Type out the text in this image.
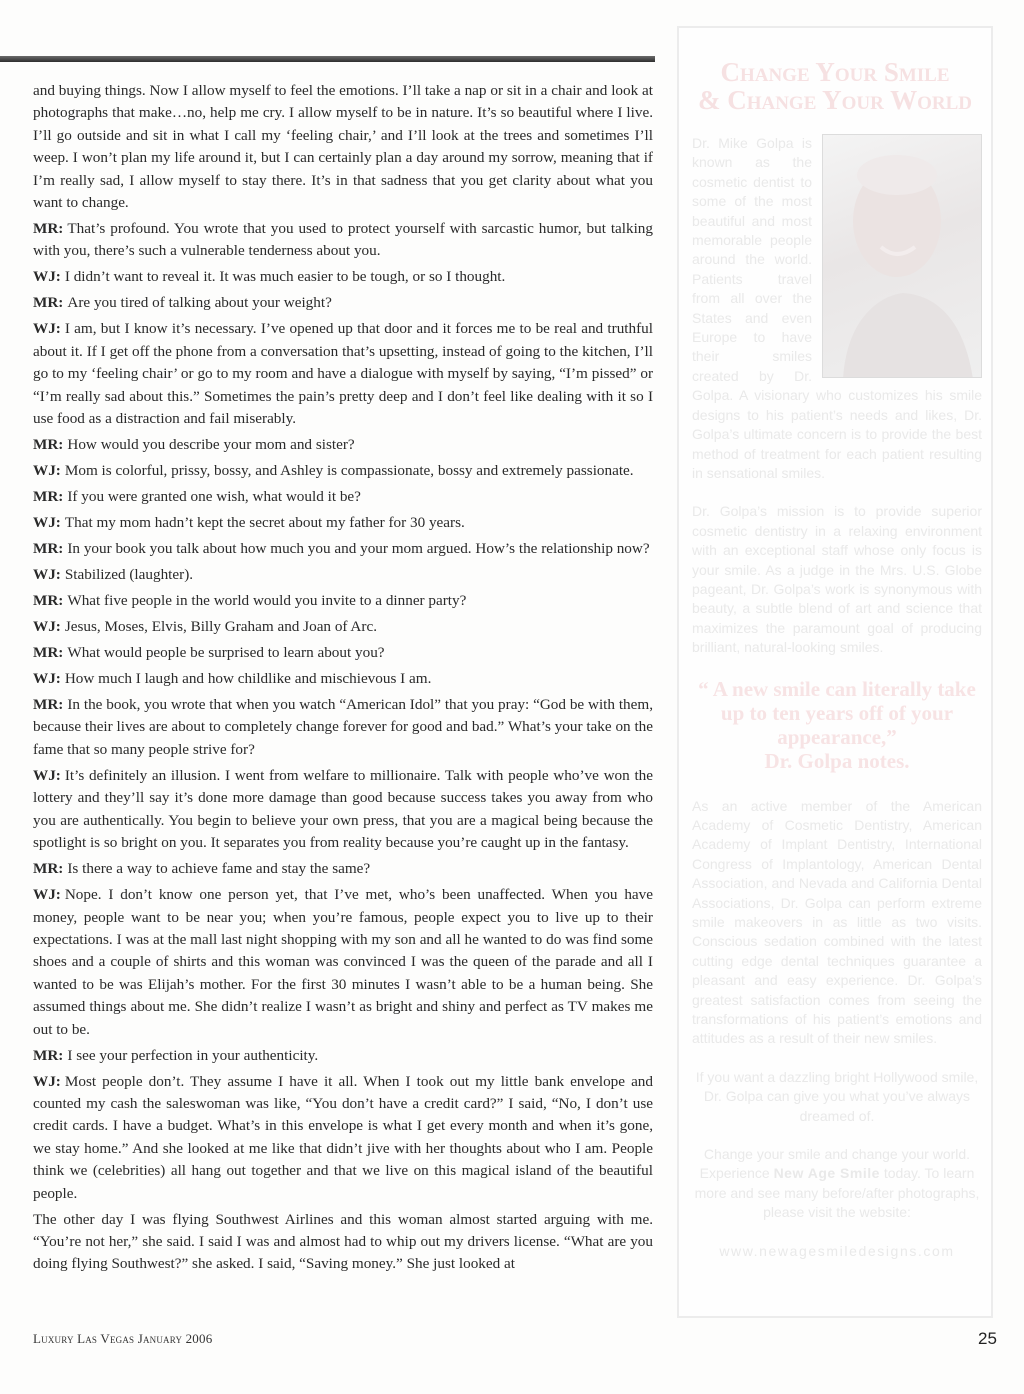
and buying things. Now I allow myself to feel the emotions. I’ll take a nap or sit in a chair and look at photographs that make…no, help me cry. I allow myself to be in nature. It’s so beautiful where I live. I’ll go outside and sit in what I call my ‘feeling chair,’ and I’ll look at the trees and sometimes I’ll weep. I won’t plan my life around it, but I can certainly plan a day around my sorrow, meaning that if I’m really sad, I allow myself to stay there. It’s in that sadness that you get clarity about what you want to change.

MR: That’s profound. You wrote that you used to protect yourself with sarcastic humor, but talking with you, there’s such a vulnerable tenderness about you.

WJ: I didn’t want to reveal it. It was much easier to be tough, or so I thought.

MR: Are you tired of talking about your weight?

WJ: I am, but I know it’s necessary. I’ve opened up that door and it forces me to be real and truthful about it. If I get off the phone from a conversation that’s upsetting, instead of going to the kitchen, I’ll go to my ‘feeling chair’ or go to my room and have a dialogue with myself by saying, “I’m pissed” or “I’m really sad about this.” Sometimes the pain’s pretty deep and I don’t feel like dealing with it so I use food as a distraction and fail miserably.

MR: How would you describe your mom and sister?

WJ: Mom is colorful, prissy, bossy, and Ashley is compassionate, bossy and extremely passionate.

MR: If you were granted one wish, what would it be?

WJ: That my mom hadn’t kept the secret about my father for 30 years.

MR: In your book you talk about how much you and your mom argued. How’s the relationship now?

WJ: Stabilized (laughter).

MR: What five people in the world would you invite to a dinner party?

WJ: Jesus, Moses, Elvis, Billy Graham and Joan of Arc.

MR: What would people be surprised to learn about you?

WJ: How much I laugh and how childlike and mischievous I am.

MR: In the book, you wrote that when you watch “American Idol” that you pray: “God be with them, because their lives are about to completely change forever for good and bad.” What’s your take on the fame that so many people strive for?

WJ: It’s definitely an illusion. I went from welfare to millionaire. Talk with people who’ve won the lottery and they’ll say it’s done more damage than good because success takes you away from who you are authentically. You begin to believe your own press, that you are a magical being because the spotlight is so bright on you. It separates you from reality because you’re caught up in the fantasy.

MR: Is there a way to achieve fame and stay the same?

WJ: Nope. I don’t know one person yet, that I’ve met, who’s been unaffected. When you have money, people want to be near you; when you’re famous, people expect you to live up to their expectations. I was at the mall last night shopping with my son and all he wanted to do was find some shoes and a couple of shirts and this woman was convinced I was the queen of the parade and all I wanted to be was Elijah’s mother. For the first 30 minutes I wasn’t able to be a human being. She assumed things about me. She didn’t realize I wasn’t as bright and shiny and perfect as TV makes me out to be.

MR: I see your perfection in your authenticity.

WJ: Most people don’t. They assume I have it all. When I took out my little bank envelope and counted my cash the saleswoman was like, “You don’t have a credit card?” I said, “No, I don’t use credit cards. I have a budget. What’s in this envelope is what I get every month and when it’s gone, we stay home.” And she looked at me like that didn’t jive with her thoughts about who I am. People think we (celebrities) all hang out together and that we live on this magical island of the beautiful people.

The other day I was flying Southwest Airlines and this woman almost started arguing with me. “You’re not her,” she said. I said I was and almost had to whip out my drivers license. “What are you doing flying Southwest?” she asked. I said, “Saving money.” She just looked at

Luxury Las Vegas January 2006	25
Change Your Smile
& Change Your World

Dr. Mike Golpa is known as the cosmetic dentist to some of the most beautiful and most memorable people around the world. Patients travel from all over the States and even Europe to have their smiles created by Dr. Golpa. A visionary who customizes his smile designs to his patient’s needs and likes, Dr. Golpa’s ultimate concern is to provide the best method of treatment for each patient resulting in sensational smiles.

Dr. Golpa’s mission is to provide superior cosmetic dentistry in a relaxing environment with an exceptional staff whose only focus is your smile. As a judge in the Mrs. U.S. Globe pageant, Dr. Golpa’s work is synonymous with beauty, a subtle blend of art and science that maximizes the paramount goal of producing brilliant, natural-looking smiles.

“ A new smile can literally take up to ten years off of your appearance,”
Dr. Golpa notes.

As an active member of the American Academy of Cosmetic Dentistry, American Academy of Implant Dentistry, International Congress of Implantology, American Dental Association, and Nevada and California Dental Associations, Dr. Golpa can perform extreme smile makeovers in as little as two visits. Conscious sedation combined with the latest cutting edge dental techniques guarantee a pleasant and easy experience. Dr. Golpa’s greatest satisfaction comes from seeing the transformations of his patient’s emotions and attitudes as a result of their new smiles.

If you want a dazzling bright Hollywood smile, Dr. Golpa can give you what you’ve always dreamed of.

Change your smile and change your world. Experience New Age Smile today. To learn more and see many before/after photographs, please visit the website:

www.newagesmiledesigns.com
